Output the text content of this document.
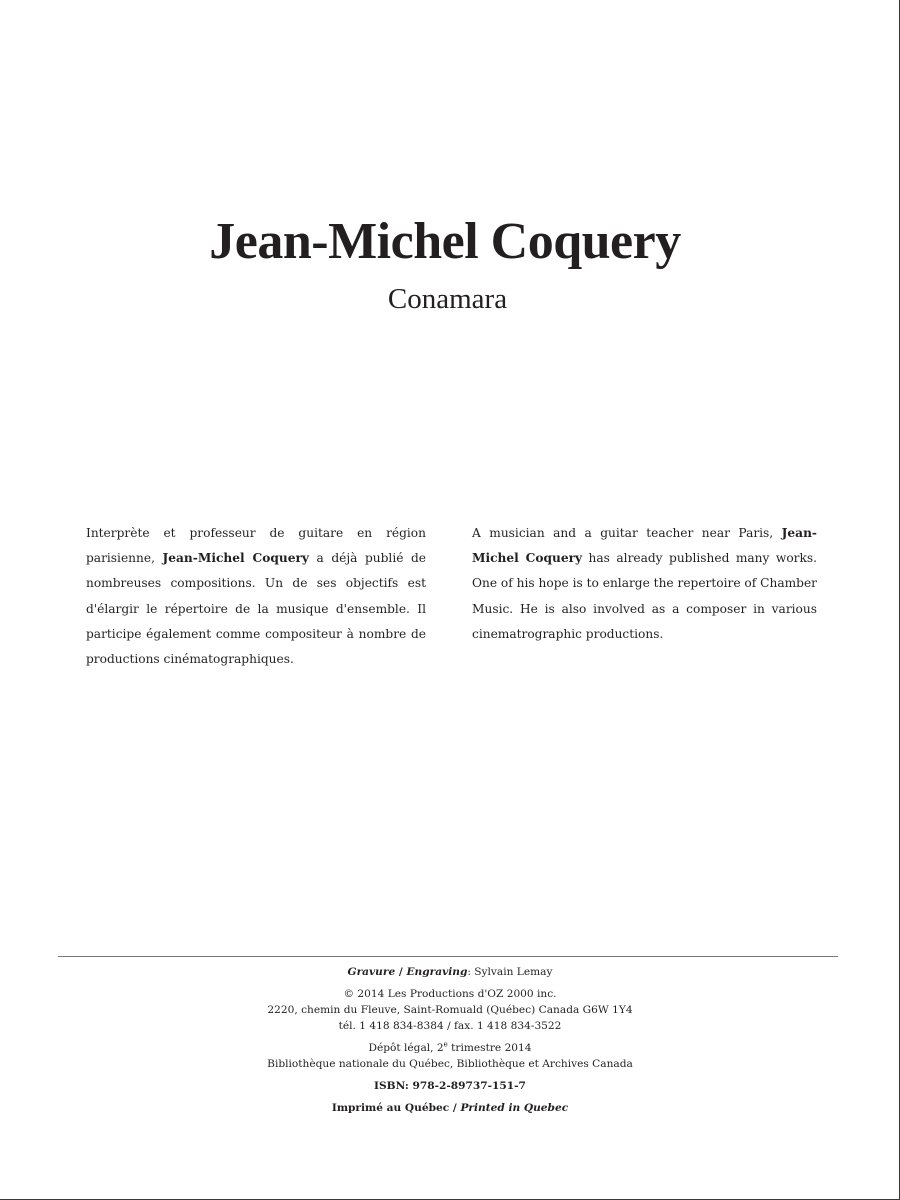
Jean-Michel Coquery
Conamara
Interprète et professeur de guitare en région parisienne, Jean-Michel Coquery a déjà publié de nombreuses compositions. Un de ses objectifs est d'élargir le répertoire de la musique d'ensemble. Il participe également comme compositeur à nombre de productions cinématographiques.
A musician and a guitar teacher near Paris, Jean-Michel Coquery has already published many works. One of his hope is to enlarge the repertoire of Chamber Music. He is also involved as a composer in various cinematrographic productions.
Gravure / Engraving: Sylvain Lemay
© 2014 Les Productions d'OZ 2000 inc.
2220, chemin du Fleuve, Saint-Romuald (Québec) Canada G6W 1Y4
tél. 1 418 834-8384 / fax. 1 418 834-3522
Dépôt légal, 2e trimestre 2014
Bibliothèque nationale du Québec, Bibliothèque et Archives Canada
ISBN: 978-2-89737-151-7
Imprimé au Québec / Printed in Quebec
